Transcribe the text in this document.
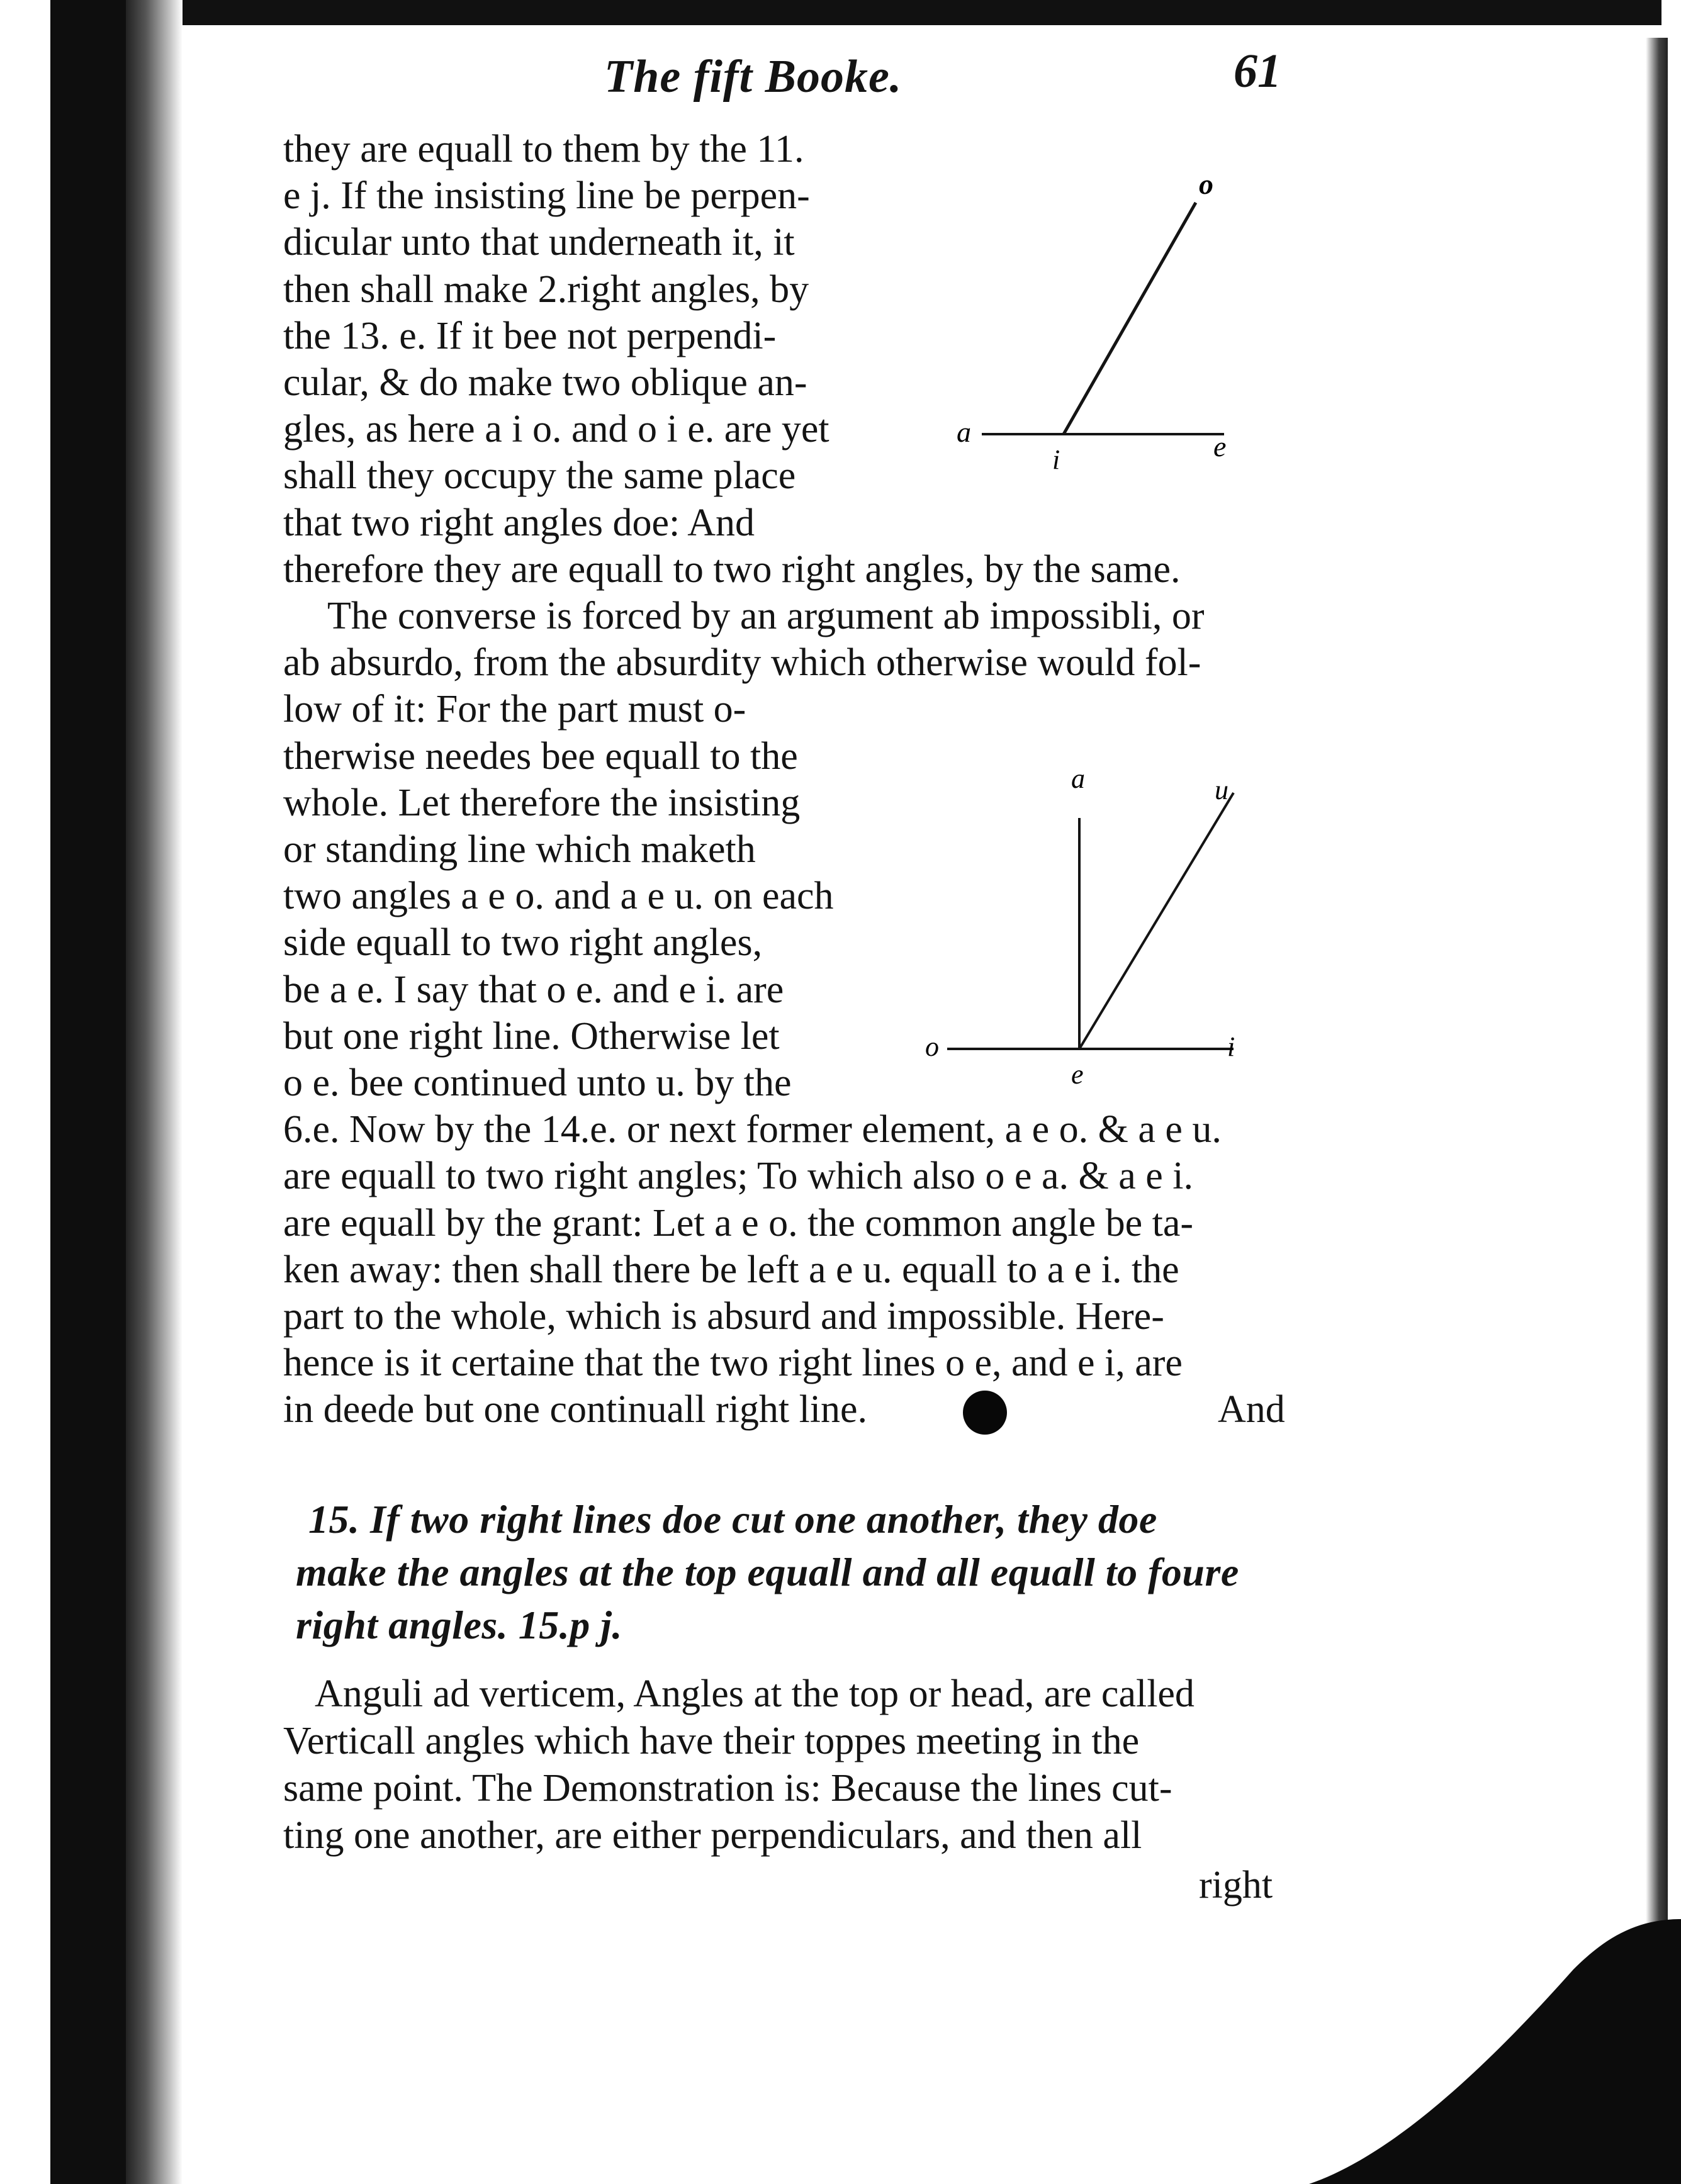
The fift Booke.	61
they are equall to them by the 11.
e j. If the insisting line be perpen-
dicular unto that underneath it, it
then shall make 2.right angles, by
the 13. e. If it bee not perpendi-
cular, & do make two oblique an-
gles, as here a i o. and o i e. are yet
shall they occupy the same place
that two right angles doe: And
therefore they are equall to two right angles, by the same.
The converse is forced by an argument ab impossibli, or
ab absurdo, from the absurdity which otherwise would fol-
low of it: For the part must o-
therwise needes bee equall to the
whole. Let therefore the insisting
or standing line which maketh
two angles a e o. and a e u. on each
side equall to two right angles,
be a e. I say that o e. and e i. are
but one right line. Otherwise let
o e. bee continued unto u. by the
6.e. Now by the 14.e. or next former element, a e o. & a e u.
are equall to two right angles; To which also o e a. & a e i.
are equall by the grant: Let a e o. the common angle be ta-
ken away: then shall there be left a e u. equall to a e i. the
part to the whole, which is absurd and impossible. Here-
hence is it certaine that the two right lines o e, and e i, are
in deede but one continuall right line.	And
15. If two right lines doe cut one another, they doe
make the angles at the top equall and all equall to foure
right angles. 15.p j.
Anguli ad verticem, Angles at the top or head, are called
Verticall angles which have their toppes meeting in the
same point. The Demonstration is: Because the lines cut-
ting one another, are either perpendiculars, and then all
right
o
a
i	e
a	u
o
e
i
